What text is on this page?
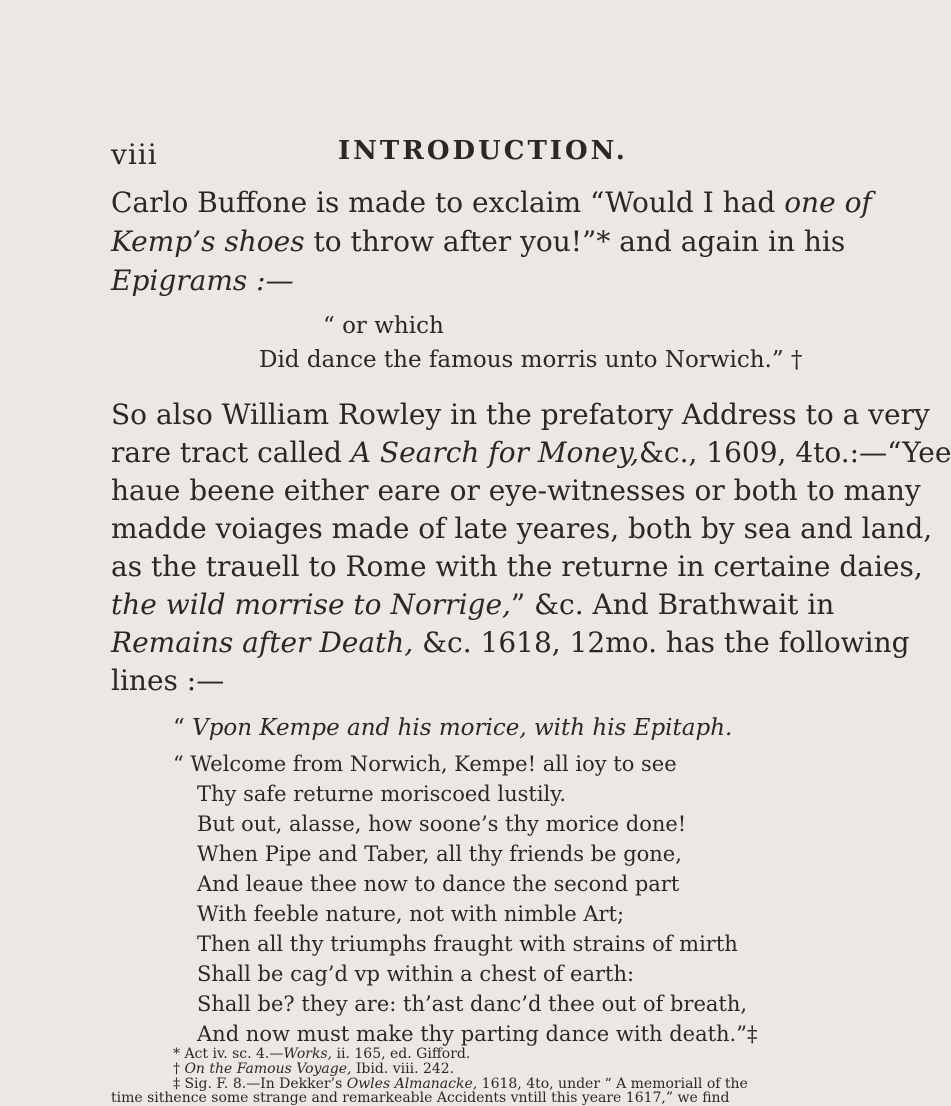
viii	INTRODUCTION.
Carlo Buffone is made to exclaim “Would I had one of
Kemp’s shoes to throw after you!”* and again in his
Epigrams :—
“ or which
Did dance the famous morris unto Norwich.” †
So also William Rowley in the prefatory Address to a very
rare tract called A Search for Money,&c., 1609, 4to.:—“Yee
haue beene either eare or eye-witnesses or both to many
madde voiages made of late yeares, both by sea and land,
as the trauell to Rome with the returne in certaine daies,
the wild morrise to Norrige,” &c. And Brathwait in
Remains after Death, &c. 1618, 12mo. has the following
lines :—
“ Vpon Kempe and his morice, with his Epitaph.
“ Welcome from Norwich, Kempe! all ioy to see
Thy safe returne moriscoed lustily.
But out, alasse, how soone’s thy morice done!
When Pipe and Taber, all thy friends be gone,
And leaue thee now to dance the second part
With feeble nature, not with nimble Art;
Then all thy triumphs fraught with strains of mirth
Shall be cag’d vp within a chest of earth:
Shall be? they are: th’ast danc’d thee out of breath,
And now must make thy parting dance with death.”‡
* Act iv. sc. 4.—Works, ii. 165, ed. Gifford.
† On the Famous Voyage, Ibid. viii. 242.
‡ Sig. F. 8.—In Dekker’s Owles Almanacke, 1618, 4to, under “ A memoriall of the
time sithence some strange and remarkeable Accidents vntill this yeare 1617,” we find
